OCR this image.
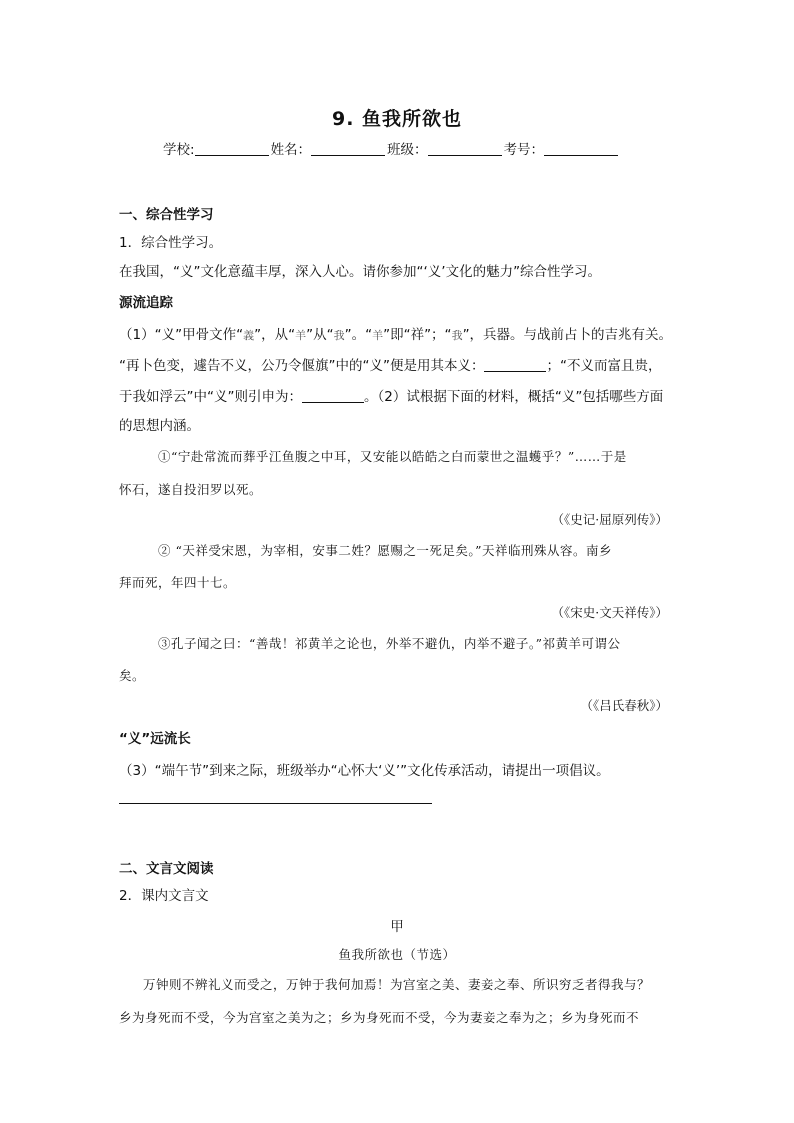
9. 鱼我所欲也
学校:	姓名：	班级：	考号：
一、综合性学习
1．综合性学习。
在我国，“义”文化意蕴丰厚，深入人心。请你参加“‘义’文化的魅力”综合性学习。
源流追踪
（1）“义”甲骨文作“義”，从“羊”从“我”。“羊”即“祥”；“我”，兵器。与战前占卜的吉兆有关。
“再卜色变，遽告不义，公乃令偃旗”中的“义”便是用其本义：	；“不义而富且贵，
于我如浮云”中“义”则引申为：	。（2）试根据下面的材料，概括“义”包括哪些方面
的思想内涵。
①“宁赴常流而葬乎江鱼腹之中耳，又安能以皓皓之白而蒙世之温蠖乎？”……于是
怀石，遂自投汨罗以死。
（《史记·屈原列传》）
② “天祥受宋恩，为宰相，安事二姓？愿赐之一死足矣。”天祥临刑殊从容。南乡
拜而死，年四十七。
（《宋史·文天祥传》）
③孔子闻之曰：“善哉！祁黄羊之论也，外举不避仇，内举不避子。”祁黄羊可谓公
矣。
（《吕氏春秋》）
“义”远流长
（3）“端午节”到来之际，班级举办“心怀大‘义’”文化传承活动，请提出一项倡议。
二、文言文阅读
2．课内文言文
甲
鱼我所欲也（节选）
万钟则不辨礼义而受之，万钟于我何加焉！为宫室之美、妻妾之奉、所识穷乏者得我与？
乡为身死而不受，今为宫室之美为之；乡为身死而不受，今为妻妾之奉为之；乡为身死而不
